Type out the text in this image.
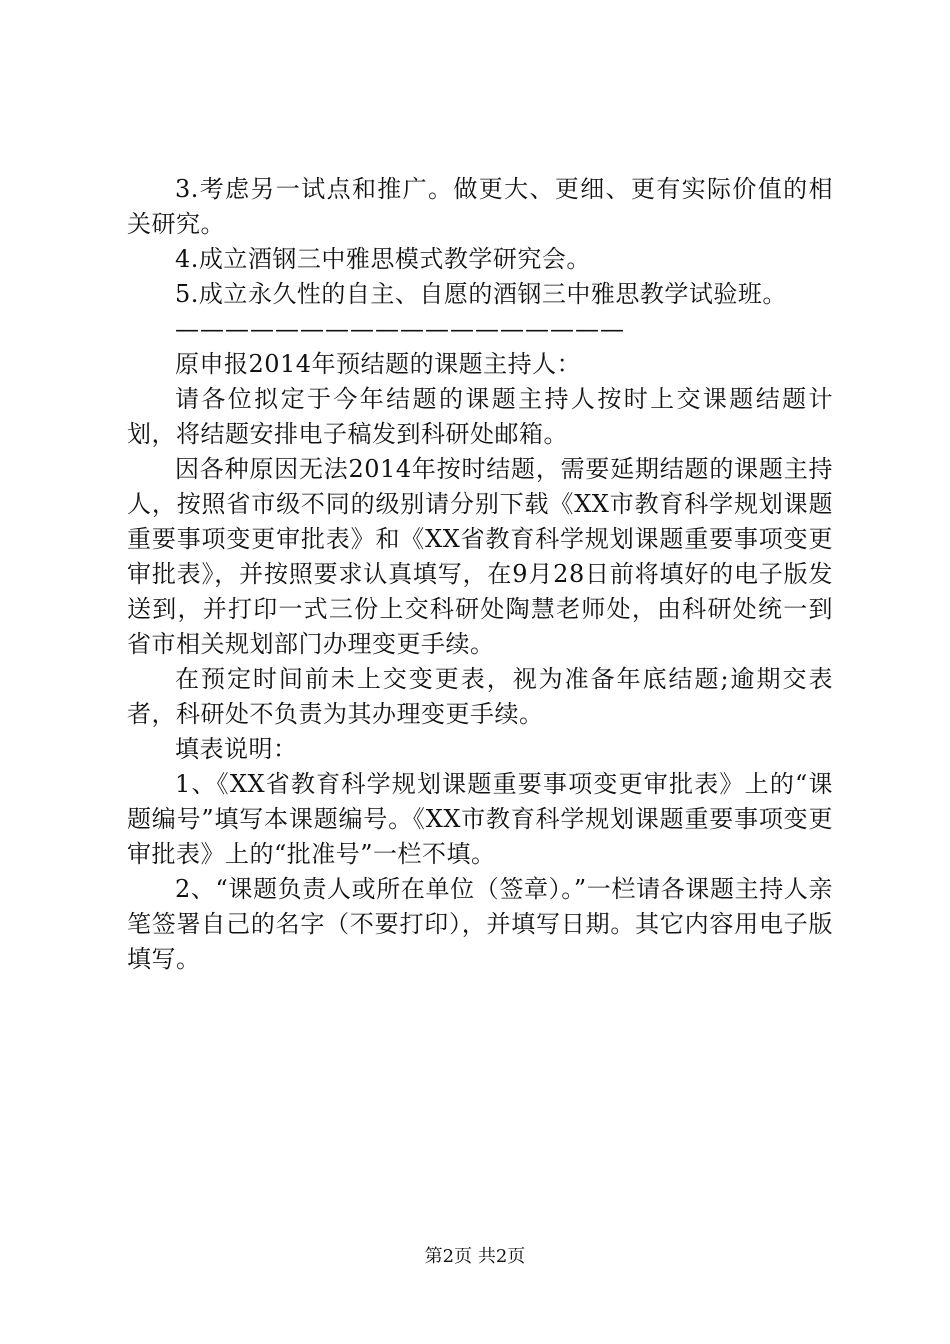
3.考虑另一试点和推广。做更大、更细、更有实际价值的相关研究。

4.成立酒钢三中雅思模式教学研究会。

5.成立永久性的自主、自愿的酒钢三中雅思教学试验班。

——————————————————

原申报2014年预结题的课题主持人：

请各位拟定于今年结题的课题主持人按时上交课题结题计划，将结题安排电子稿发到科研处邮箱。

因各种原因无法2014年按时结题，需要延期结题的课题主持人，按照省市级不同的级别请分别下载《XX市教育科学规划课题重要事项变更审批表》和《XX省教育科学规划课题重要事项变更审批表》，并按照要求认真填写，在9月28日前将填好的电子版发送到，并打印一式三份上交科研处陶慧老师处，由科研处统一到省市相关规划部门办理变更手续。

在预定时间前未上交变更表，视为准备年底结题;逾期交表者，科研处不负责为其办理变更手续。

填表说明：

1、《XX省教育科学规划课题重要事项变更审批表》上的“课题编号”填写本课题编号。《XX市教育科学规划课题重要事项变更审批表》上的“批准号”一栏不填。

2、“课题负责人或所在单位（签章）。”一栏请各课题主持人亲笔签署自己的名字（不要打印），并填写日期。其它内容用电子版填写。

第2页 共2页
